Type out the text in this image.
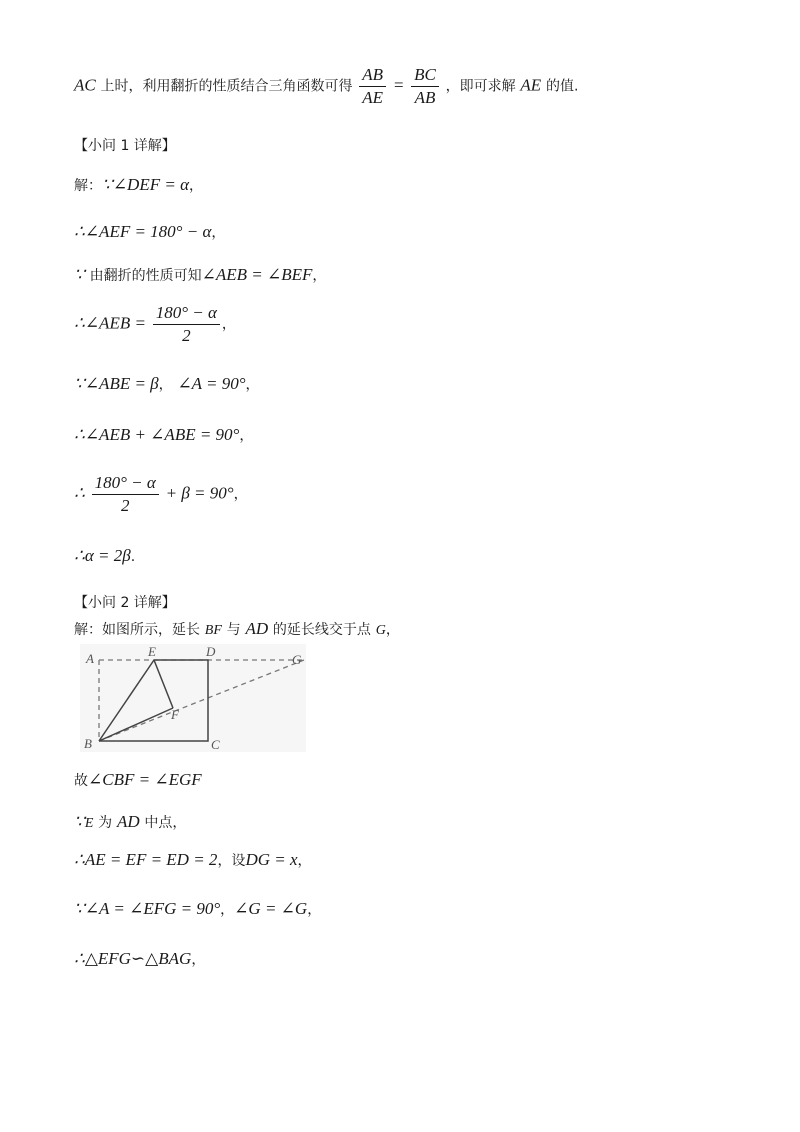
AC 上时，利用翻折的性质结合三角函数可得 $\frac{AB}{AE} = \frac{BC}{AB}$ ，即可求解 AE 的值.
【小问 1 详解】
解：∵∠DEF = α，
∴∠AEF = 180° − α，
∵ 由翻折的性质可知∠AEB = ∠BEF，
∴∠AEB = $\frac{180^\circ - \alpha}{2}$ ，
∵∠ABE = β， ∠A = 90°，
∴∠AEB + ∠ABE = 90°，
∴ $\frac{180^\circ - \alpha}{2} + \beta = 90^\circ$，
∴α = 2β.
【小问 2 详解】
解：如图所示，延长 BF 与 AD 的延长线交于点 G，
A	E	D
G
F
B	C
故∠CBF = ∠EGF
∵E 为 AD 中点，
∴AE = EF = ED = 2，设DG = x，
∵∠A = ∠EFG = 90°，∠G = ∠G，
∴△EFG∽△BAG，
